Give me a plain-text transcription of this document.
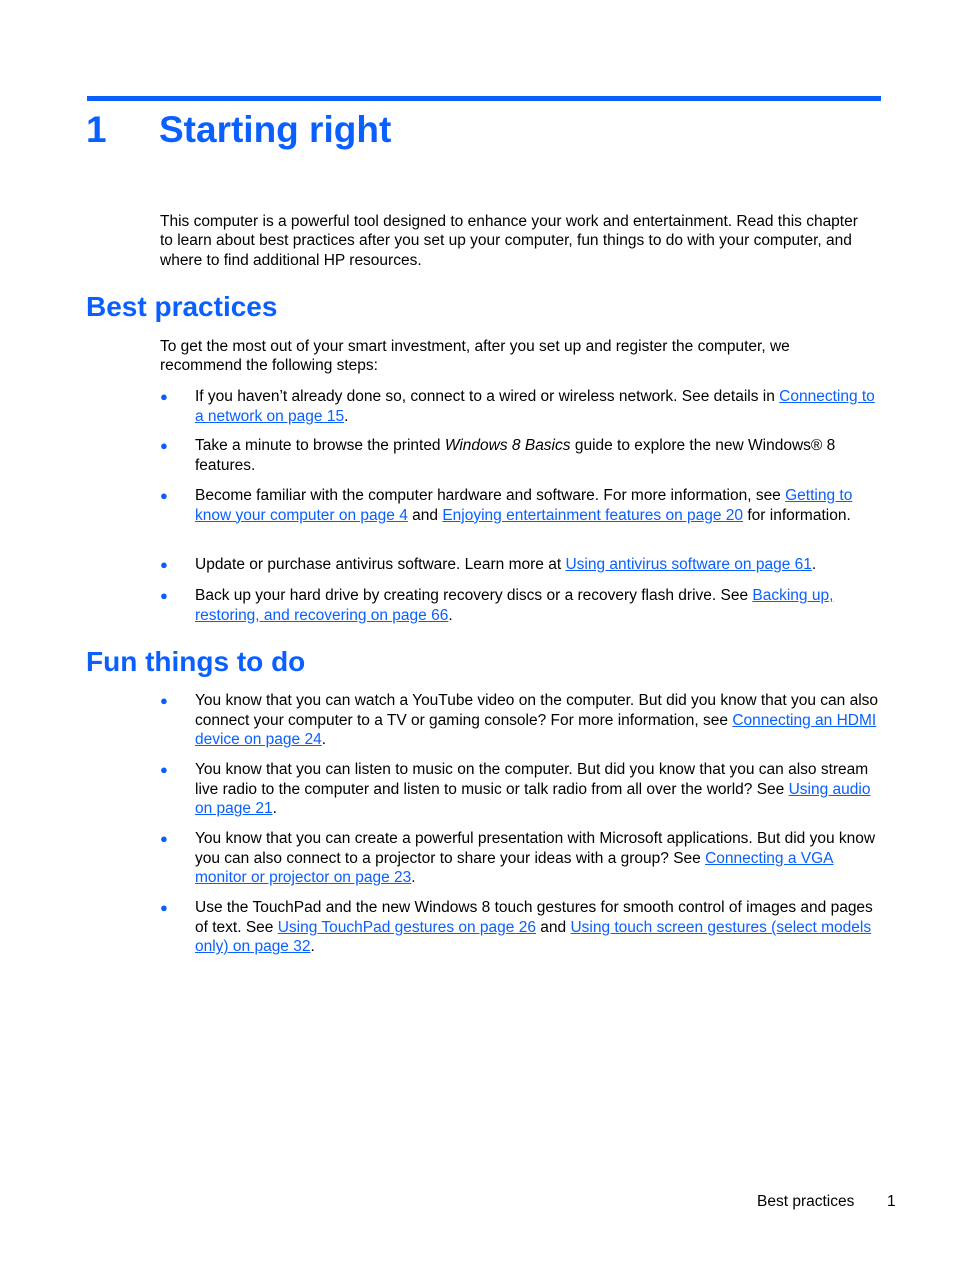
1 Starting right

This computer is a powerful tool designed to enhance your work and entertainment. Read this chapter to learn about best practices after you set up your computer, fun things to do with your computer, and where to find additional HP resources.

Best practices

To get the most out of your smart investment, after you set up and register the computer, we recommend the following steps:

● If you haven’t already done so, connect to a wired or wireless network. See details in Connecting to a network on page 15.
● Take a minute to browse the printed Windows 8 Basics guide to explore the new Windows® 8 features.
● Become familiar with the computer hardware and software. For more information, see Getting to know your computer on page 4 and Enjoying entertainment features on page 20 for information.
● Update or purchase antivirus software. Learn more at Using antivirus software on page 61.
● Back up your hard drive by creating recovery discs or a recovery flash drive. See Backing up, restoring, and recovering on page 66.
Fun things to do
● You know that you can watch a YouTube video on the computer. But did you know that you can also connect your computer to a TV or gaming console? For more information, see Connecting an HDMI device on page 24.
● You know that you can listen to music on the computer. But did you know that you can also stream live radio to the computer and listen to music or talk radio from all over the world? See Using audio on page 21.
● You know that you can create a powerful presentation with Microsoft applications. But did you know you can also connect to a projector to share your ideas with a group? See Connecting a VGA monitor or projector on page 23.
● Use the TouchPad and the new Windows 8 touch gestures for smooth control of images and pages of text. See Using TouchPad gestures on page 26 and Using touch screen gestures (select models only) on page 32.
Best practices 1
